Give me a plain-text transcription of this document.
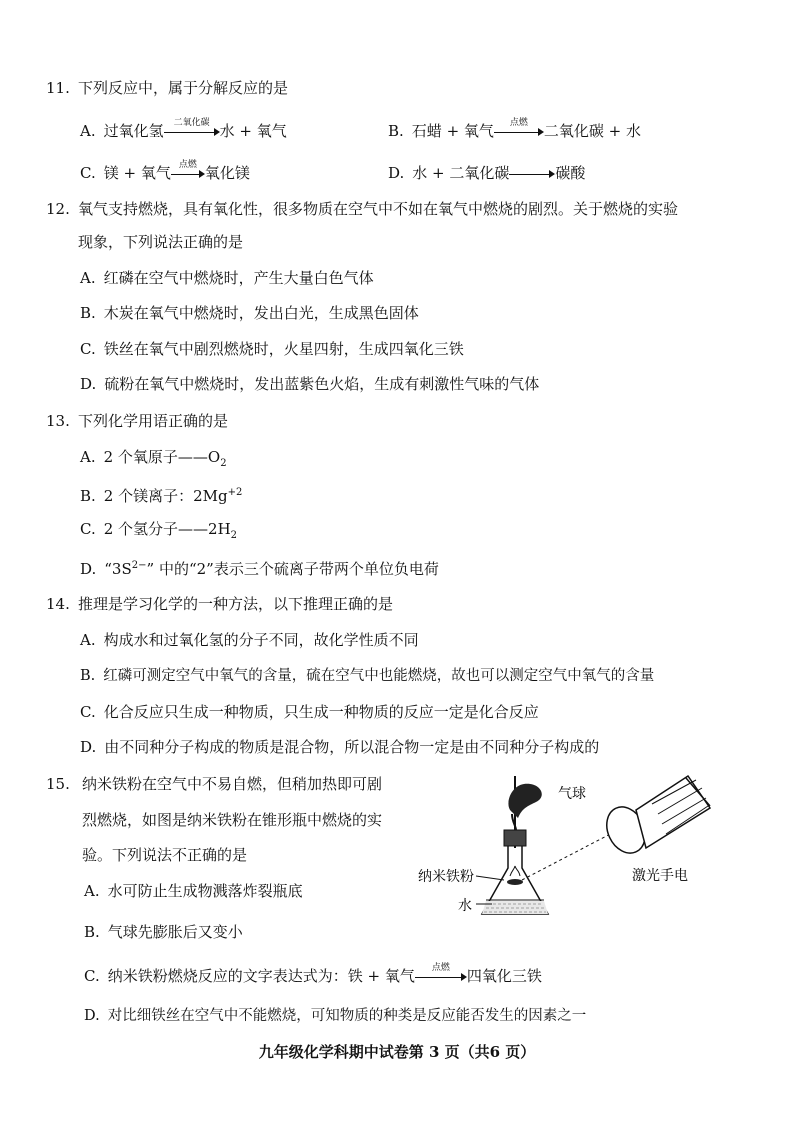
11. 下列反应中，属于分解反应的是
A. 过氧化氢	二氧化碳 水 + 氧气	B. 石蜡 + 氧气	点燃	二氧化碳 + 水
C. 镁 + 氧气 点燃 氧化镁	D. 水 + 二氧化碳	碳酸
12. 氧气支持燃烧，具有氧化性，很多物质在空气中不如在氧气中燃烧的剧烈。关于燃烧的实验
现象，下列说法正确的是
A. 红磷在空气中燃烧时，产生大量白色气体
B. 木炭在氧气中燃烧时，发出白光，生成黑色固体
C. 铁丝在氧气中剧烈燃烧时，火星四射，生成四氧化三铁
D. 硫粉在氧气中燃烧时，发出蓝紫色火焰，生成有刺激性气味的气体
13. 下列化学用语正确的是
A. 2 个氧原子$——O_2$
B. 2 个镁离子：$2Mg^{+2}$
C. 2 个氢分子$——2H_2$
D. “$3S^{2-}$” 中的“2”表示三个硫离子带两个单位负电荷
14. 推理是学习化学的一种方法，以下推理正确的是
A. 构成水和过氧化氢的分子不同，故化学性质不同
B. 红磷可测定空气中氧气的含量，硫在空气中也能燃烧，故也可以测定空气中氧气的含量
C. 化合反应只生成一种物质，只生成一种物质的反应一定是化合反应
D. 由不同种分子构成的物质是混合物，所以混合物一定是由不同种分子构成的
15. 纳米铁粉在空气中不易自燃，但稍加热即可剧
烈燃烧，如图是纳米铁粉在锥形瓶中燃烧的实
验。下列说法不正确的是
A. 水可防止生成物溅落炸裂瓶底
B. 气球先膨胀后又变小
C. 纳米铁粉燃烧反应的文字表达式为：铁 + 氧气	点燃	四氧化三铁
D. 对比细铁丝在空气中不能燃烧，可知物质的种类是反应能否发生的因素之一
气球
纳米铁粉
水
激光手电
九年级化学科期中试卷第 3 页（共6 页）
